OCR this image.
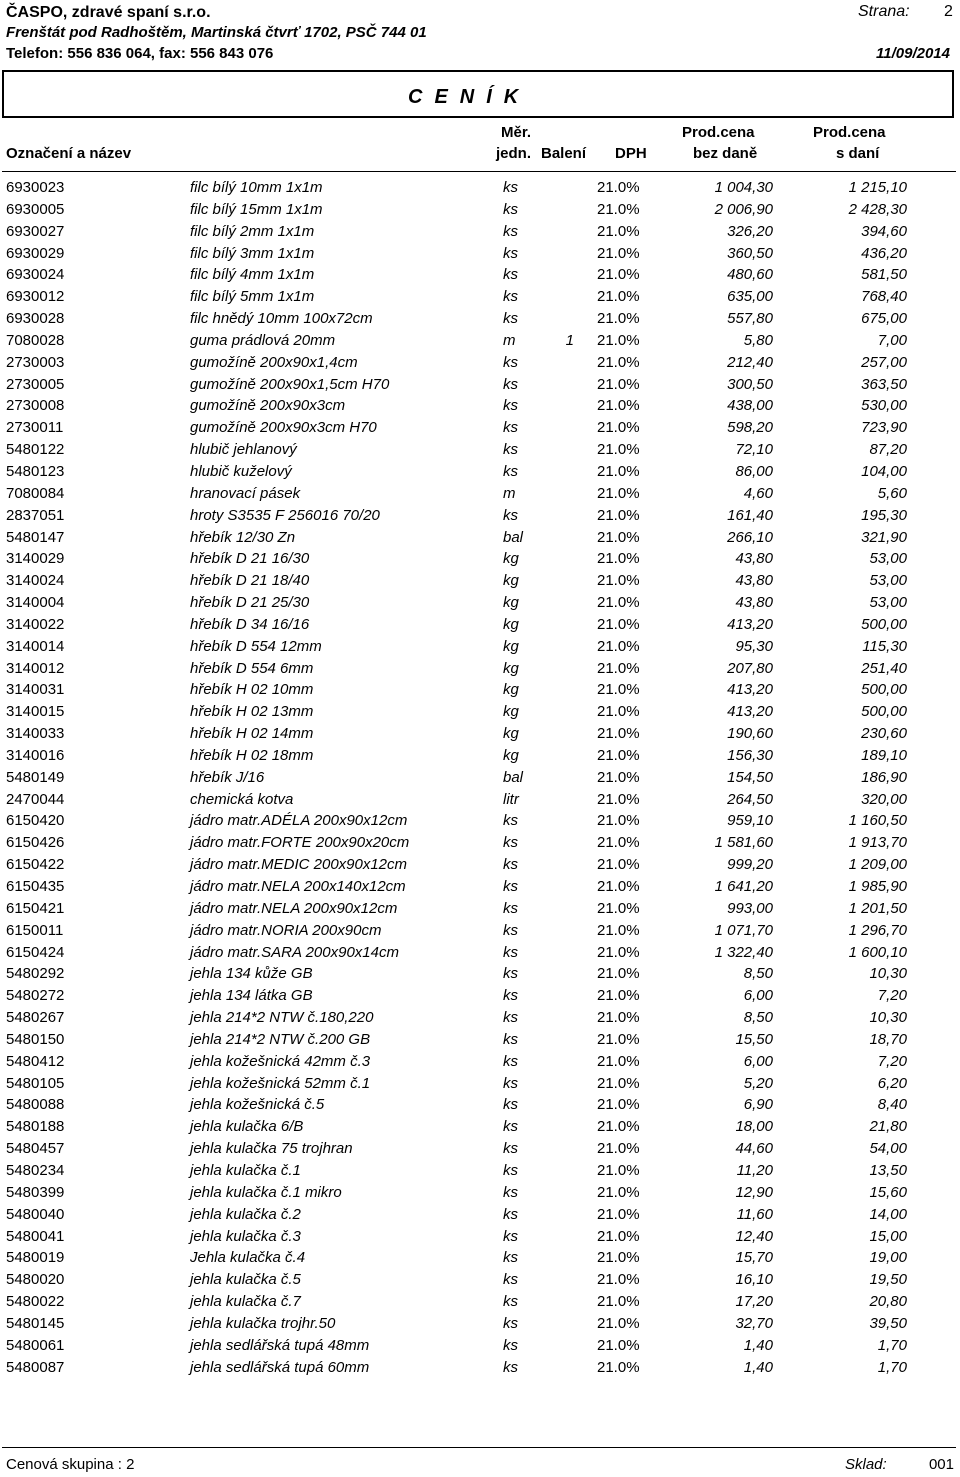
ČASPO, zdravé spaní s.r.o.
Frenštát pod Radhoštěm, Martinská čtvrť 1702, PSČ 744 01
Telefon: 556 836 064, fax: 556 843 076
Strana: 2
11/09/2014
CENÍK
Označení a název
Měr.
jedn. Balení DPH
Prod.cena
bez daně
Prod.cena
s daní
6930023	filc bílý 10mm 1x1m	ks	21.0%	1 004,30	1 215,10
6930005	filc bílý 15mm 1x1m	ks	21.0%	2 006,90	2 428,30
6930027	filc bílý 2mm 1x1m	ks	21.0%	326,20	394,60
6930029	filc bílý 3mm 1x1m	ks	21.0%	360,50	436,20
6930024	filc bílý 4mm 1x1m	ks	21.0%	480,60	581,50
6930012	filc bílý 5mm 1x1m	ks	21.0%	635,00	768,40
6930028	filc hnědý 10mm 100x72cm	ks	21.0%	557,80	675,00
7080028	guma prádlová 20mm	m	1 21.0%	5,80	7,00
2730003	gumožíně 200x90x1,4cm	ks	21.0%	212,40	257,00
2730005	gumožíně 200x90x1,5cm H70	ks	21.0%	300,50	363,50
2730008	gumožíně 200x90x3cm	ks	21.0%	438,00	530,00
2730011	gumožíně 200x90x3cm H70	ks	21.0%	598,20	723,90
5480122	hlubič jehlanový	ks	21.0%	72,10	87,20
5480123	hlubič kuželový	ks	21.0%	86,00	104,00
7080084	hranovací pásek	m	21.0%	4,60	5,60
2837051	hroty S3535 F 256016 70/20	ks	21.0%	161,40	195,30
5480147	hřebík 12/30 Zn	bal	21.0%	266,10	321,90
3140029	hřebík D 21 16/30	kg	21.0%	43,80	53,00
3140024	hřebík D 21 18/40	kg	21.0%	43,80	53,00
3140004	hřebík D 21 25/30	kg	21.0%	43,80	53,00
3140022	hřebík D 34 16/16	kg	21.0%	413,20	500,00
3140014	hřebík D 554 12mm	kg	21.0%	95,30	115,30
3140012	hřebík D 554 6mm	kg	21.0%	207,80	251,40
3140031	hřebík H 02 10mm	kg	21.0%	413,20	500,00
3140015	hřebík H 02 13mm	kg	21.0%	413,20	500,00
3140033	hřebík H 02 14mm	kg	21.0%	190,60	230,60
3140016	hřebík H 02 18mm	kg	21.0%	156,30	189,10
5480149	hřebík J/16	bal	21.0%	154,50	186,90
2470044	chemická kotva	litr	21.0%	264,50	320,00
6150420	jádro matr.ADÉLA 200x90x12cm	ks	21.0%	959,10	1 160,50
6150426	jádro matr.FORTE 200x90x20cm	ks	21.0%	1 581,60	1 913,70
6150422	jádro matr.MEDIC 200x90x12cm	ks	21.0%	999,20	1 209,00
6150435	jádro matr.NELA 200x140x12cm	ks	21.0%	1 641,20	1 985,90
6150421	jádro matr.NELA 200x90x12cm	ks	21.0%	993,00	1 201,50
6150011	jádro matr.NORIA 200x90cm	ks	21.0%	1 071,70	1 296,70
6150424	jádro matr.SARA 200x90x14cm	ks	21.0%	1 322,40	1 600,10
5480292	jehla 134 kůže GB	ks	21.0%	8,50	10,30
5480272	jehla 134 látka GB	ks	21.0%	6,00	7,20
5480267	jehla 214*2 NTW č.180,220	ks	21.0%	8,50	10,30
5480150	jehla 214*2 NTW č.200 GB	ks	21.0%	15,50	18,70
5480412	jehla kožešnická 42mm č.3	ks	21.0%	6,00	7,20
5480105	jehla kožešnická 52mm č.1	ks	21.0%	5,20	6,20
5480088	jehla kožešnická č.5	ks	21.0%	6,90	8,40
5480188	jehla kulačka 6/B	ks	21.0%	18,00	21,80
5480457	jehla kulačka 75 trojhran	ks	21.0%	44,60	54,00
5480234	jehla kulačka č.1	ks	21.0%	11,20	13,50
5480399	jehla kulačka č.1 mikro	ks	21.0%	12,90	15,60
5480040	jehla kulačka č.2	ks	21.0%	11,60	14,00
5480041	jehla kulačka č.3	ks	21.0%	12,40	15,00
5480019	Jehla kulačka č.4	ks	21.0%	15,70	19,00
5480020	jehla kulačka č.5	ks	21.0%	16,10	19,50
5480022	jehla kulačka č.7	ks	21.0%	17,20	20,80
5480145	jehla kulačka trojhr.50	ks	21.0%	32,70	39,50
5480061	jehla sedlářská tupá 48mm	ks	21.0%	1,40	1,70
5480087	jehla sedlářská tupá 60mm	ks	21.0%	1,40	1,70
Cenová skupina : 2	Sklad:	001
